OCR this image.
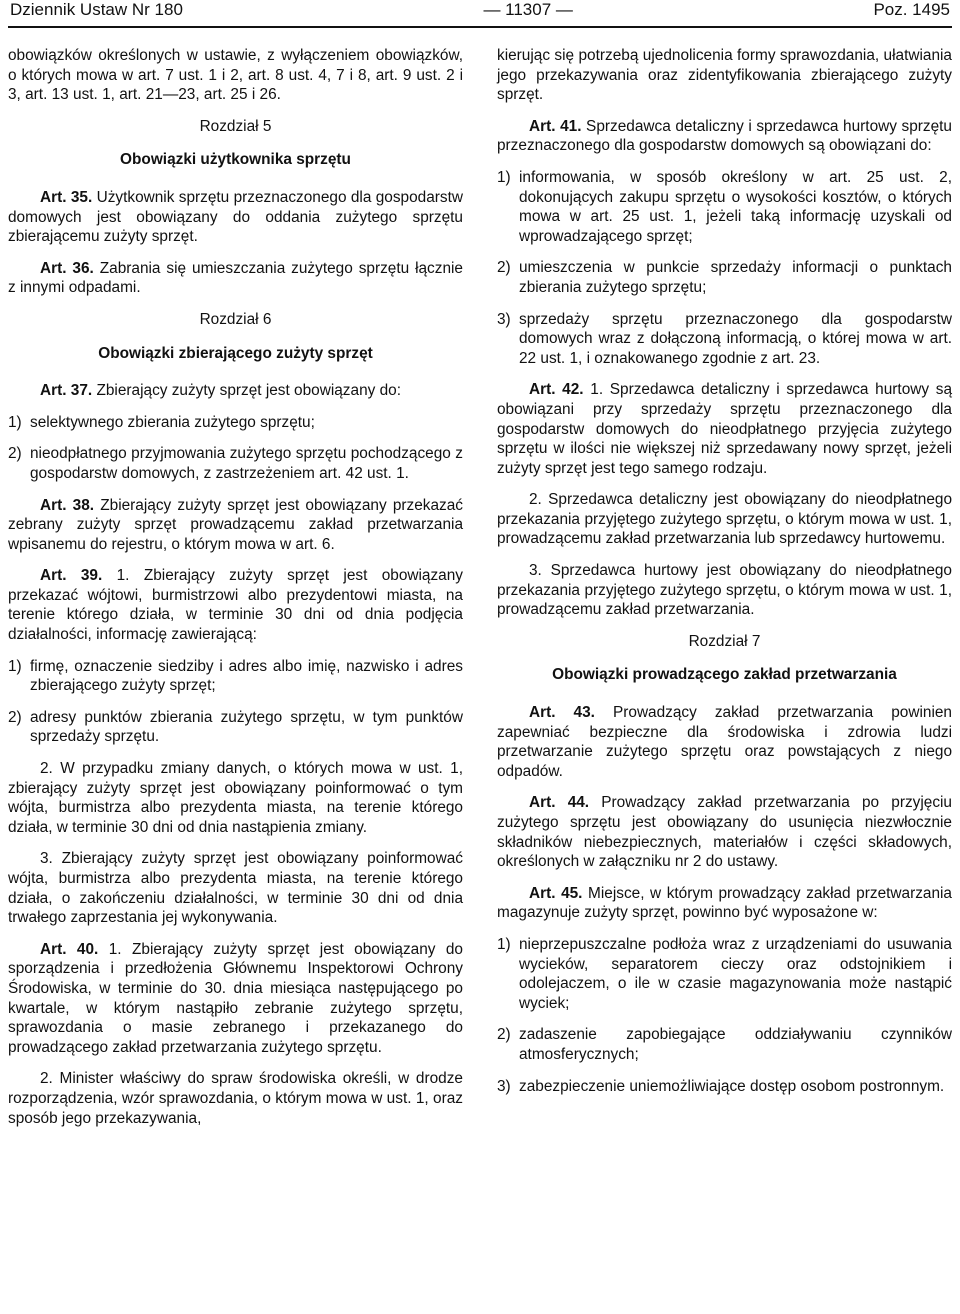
Dziennik Ustaw Nr 180	— 11307 —	Poz. 1495

obowiązków określonych w ustawie, z wyłączeniem obowiązków, o których mowa w art. 7 ust. 1 i 2, art. 8 ust. 4, 7 i 8, art. 9 ust. 2 i 3, art. 13 ust. 1, art. 21—23, art. 25 i 26.

Rozdział 5
Obowiązki użytkownika sprzętu

Art. 35. Użytkownik sprzętu przeznaczonego dla gospodarstw domowych jest obowiązany do oddania zużytego sprzętu zbierającemu zużyty sprzęt.

Art. 36. Zabrania się umieszczania zużytego sprzętu łącznie z innymi odpadami.

Rozdział 6
Obowiązki zbierającego zużyty sprzęt

Art. 37. Zbierający zużyty sprzęt jest obowiązany do:

1) selektywnego zbierania zużytego sprzętu;
2) nieodpłatnego przyjmowania zużytego sprzętu pochodzącego z gospodarstw domowych, z zastrzeżeniem art. 42 ust. 1.

Art. 38. Zbierający zużyty sprzęt jest obowiązany przekazać zebrany zużyty sprzęt prowadzącemu zakład przetwarzania wpisanemu do rejestru, o którym mowa w art. 6.

Art. 39. 1. Zbierający zużyty sprzęt jest obowiązany przekazać wójtowi, burmistrzowi albo prezydentowi miasta, na terenie którego działa, w terminie 30 dni od dnia podjęcia działalności, informację zawierającą:

1) firmę, oznaczenie siedziby i adres albo imię, nazwisko i adres zbierającego zużyty sprzęt;
2) adresy punktów zbierania zużytego sprzętu, w tym punktów sprzedaży sprzętu.

2. W przypadku zmiany danych, o których mowa w ust. 1, zbierający zużyty sprzęt jest obowiązany poinformować o tym wójta, burmistrza albo prezydenta miasta, na terenie którego działa, w terminie 30 dni od dnia nastąpienia zmiany.

3. Zbierający zużyty sprzęt jest obowiązany poinformować wójta, burmistrza albo prezydenta miasta, na terenie którego działa, o zakończeniu działalności, w terminie 30 dni od dnia trwałego zaprzestania jej wykonywania.

Art. 40. 1. Zbierający zużyty sprzęt jest obowiązany do sporządzenia i przedłożenia Głównemu Inspektorowi Ochrony Środowiska, w terminie do 30. dnia miesiąca następującego po kwartale, w którym nastąpiło zebranie zużytego sprzętu, sprawozdania o masie zebranego i przekazanego do prowadzącego zakład przetwarzania zużytego sprzętu.

2. Minister właściwy do spraw środowiska określi, w drodze rozporządzenia, wzór sprawozdania, o którym mowa w ust. 1, oraz sposób jego przekazywania,

kierując się potrzebą ujednolicenia formy sprawozdania, ułatwiania jego przekazywania oraz zidentyfikowania zbierającego zużyty sprzęt.

Art. 41. Sprzedawca detaliczny i sprzedawca hurtowy sprzętu przeznaczonego dla gospodarstw domowych są obowiązani do:

1) informowania, w sposób określony w art. 25 ust. 2, dokonujących zakupu sprzętu o wysokości kosztów, o których mowa w art. 25 ust. 1, jeżeli taką informację uzyskali od wprowadzającego sprzęt;
2) umieszczenia w punkcie sprzedaży informacji o punktach zbierania zużytego sprzętu;
3) sprzedaży sprzętu przeznaczonego dla gospodarstw domowych wraz z dołączoną informacją, o której mowa w art. 22 ust. 1, i oznakowanego zgodnie z art. 23.

Art. 42. 1. Sprzedawca detaliczny i sprzedawca hurtowy są obowiązani przy sprzedaży sprzętu przeznaczonego dla gospodarstw domowych do nieodpłatnego przyjęcia zużytego sprzętu w ilości nie większej niż sprzedawany nowy sprzęt, jeżeli zużyty sprzęt jest tego samego rodzaju.

2. Sprzedawca detaliczny jest obowiązany do nieodpłatnego przekazania przyjętego zużytego sprzętu, o którym mowa w ust. 1, prowadzącemu zakład przetwarzania lub sprzedawcy hurtowemu.

3. Sprzedawca hurtowy jest obowiązany do nieodpłatnego przekazania przyjętego zużytego sprzętu, o którym mowa w ust. 1, prowadzącemu zakład przetwarzania.

Rozdział 7
Obowiązki prowadzącego zakład przetwarzania

Art. 43. Prowadzący zakład przetwarzania powinien zapewniać bezpieczne dla środowiska i zdrowia ludzi przetwarzanie zużytego sprzętu oraz powstających z niego odpadów.

Art. 44. Prowadzący zakład przetwarzania po przyjęciu zużytego sprzętu jest obowiązany do usunięcia niezwłocznie składników niebezpiecznych, materiałów i części składowych, określonych w załączniku nr 2 do ustawy.

Art. 45. Miejsce, w którym prowadzący zakład przetwarzania magazynuje zużyty sprzęt, powinno być wyposażone w:

1) nieprzepuszczalne podłoża wraz z urządzeniami do usuwania wycieków, separatorem cieczy oraz odstojnikiem i odolejaczem, o ile w czasie magazynowania może nastąpić wyciek;
2) zadaszenie zapobiegające oddziaływaniu czynników atmosferycznych;
3) zabezpieczenie uniemożliwiające dostęp osobom postronnym.
